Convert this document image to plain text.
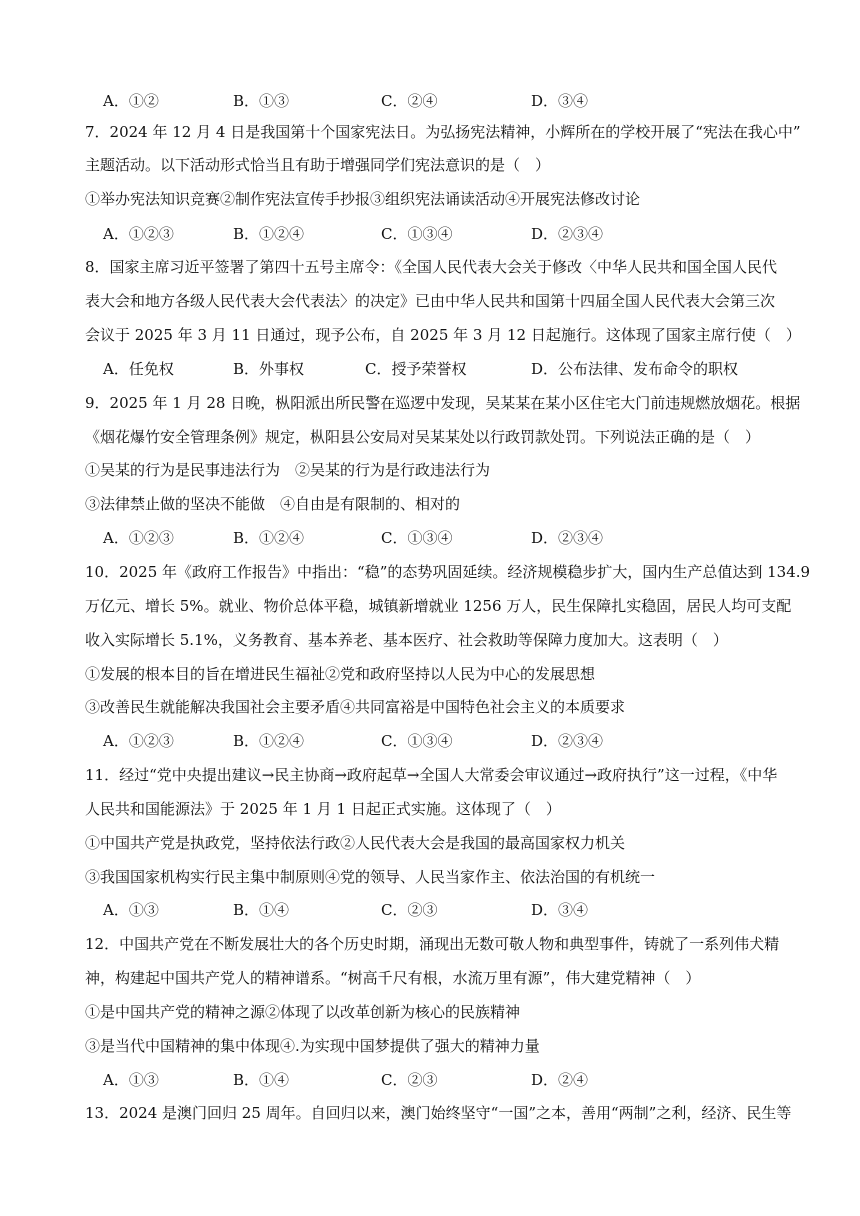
A．①②	B．①③	C．②④	D．③④
7．2024 年 12 月 4 日是我国第十个国家宪法日。为弘扬宪法精神，小辉所在的学校开展了“宪法在我心中”
主题活动。以下活动形式恰当且有助于增强同学们宪法意识的是（　）
①举办宪法知识竞赛②制作宪法宣传手抄报③组织宪法诵读活动④开展宪法修改讨论
A．①②③	B．①②④	C．①③④	D．②③④
8．国家主席习近平签署了第四十五号主席令：《全国人民代表大会关于修改〈中华人民共和国全国人民代
表大会和地方各级人民代表大会代表法〉的决定》已由中华人民共和国第十四届全国人民代表大会第三次
会议于 2025 年 3 月 11 日通过，现予公布，自 2025 年 3 月 12 日起施行。这体现了国家主席行使（　）
A．任免权	B．外事权	C．授予荣誉权	D．公布法律、发布命令的职权
9．2025 年 1 月 28 日晚，枞阳派出所民警在巡逻中发现，吴某某在某小区住宅大门前违规燃放烟花。根据
《烟花爆竹安全管理条例》规定，枞阳县公安局对吴某某处以行政罚款处罚。下列说法正确的是（　）
①吴某的行为是民事违法行为　②吴某的行为是行政违法行为
③法律禁止做的坚决不能做　④自由是有限制的、相对的
A．①②③	B．①②④	C．①③④	D．②③④
10．2025 年《政府工作报告》中指出：“稳”的态势巩固延续。经济规模稳步扩大，国内生产总值达到 134.9
万亿元、增长 5%。就业、物价总体平稳，城镇新增就业 1256 万人，民生保障扎实稳固，居民人均可支配
收入实际增长 5.1%，义务教育、基本养老、基本医疗、社会救助等保障力度加大。这表明（　）
①发展的根本目的旨在增进民生福祉②党和政府坚持以人民为中心的发展思想
③改善民生就能解决我国社会主要矛盾④共同富裕是中国特色社会主义的本质要求
A．①②③	B．①②④	C．①③④	D．②③④
11．经过“党中央提出建议→民主协商→政府起草→全国人大常委会审议通过→政府执行”这一过程，《中华
人民共和国能源法》于 2025 年 1 月 1 日起正式实施。这体现了（　）
①中国共产党是执政党，坚持依法行政②人民代表大会是我国的最高国家权力机关
③我国国家机构实行民主集中制原则④党的领导、人民当家作主、依法治国的有机统一
A．①③	B．①④	C．②③	D．③④
12．中国共产党在不断发展壮大的各个历史时期，涌现出无数可敬人物和典型事件，铸就了一系列伟犬精
神，构建起中国共产党人的精神谱系。“树高千尺有根，水流万里有源”，伟大建党精神（　）
①是中国共产党的精神之源②体现了以改革创新为核心的民族精神
③是当代中国精神的集中体现④.为实现中国梦提供了强大的精神力量
A．①③	B．①④	C．②③	D．②④
13．2024 是澳门回归 25 周年。自回归以来，澳门始终坚守“一国”之本，善用“两制”之利，经济、民生等
